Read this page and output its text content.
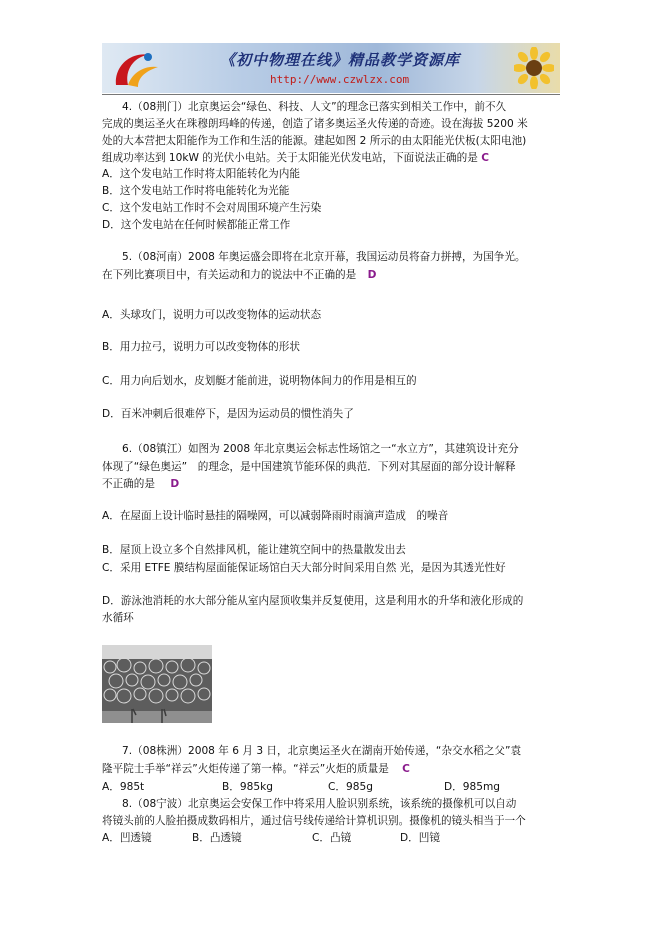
《初中物理在线》精品教学资源库
http://www.czwlzx.com
4.（08荆门）北京奥运会“绿色、科技、人文”的理念已落实到相关工作中，前不久
完成的奥运圣火在珠穆朗玛峰的传递，创造了诸多奥运圣火传递的奇迹。设在海拔 5200 米
处的大本营把太阳能作为工作和生活的能源。建起如图 2 所示的由太阳能光伏板(太阳电池)
组成功率达到 10kW 的光伏小电站。关于太阳能光伏发电站，下面说法正确的是 C
A．这个发电站工作时将太阳能转化为内能
B．这个发电站工作时将电能转化为光能
C．这个发电站工作时不会对周围环境产生污染
D．这个发电站在任何时候都能正常工作
5.（08河南）2008 年奥运盛会即将在北京开幕，我国运动员将奋力拼搏，为国争光。
在下列比赛项目中，有关运动和力的说法中不正确的是 D
A．头球攻门，说明力可以改变物体的运动状态
B．用力拉弓，说明力可以改变物体的形状
C．用力向后划水，皮划艇才能前进，说明物体间力的作用是相互的
D．百米冲刺后很难停下，是因为运动员的惯性消失了
6.（08镇江）如图为 2008 年北京奥运会标志性场馆之一“水立方”，其建筑设计充分
体现了“绿色奥运”　的理念，是中国建筑节能环保的典范．下列对其屋面的部分设计解释
不正确的是 D
A．在屋面上设计临时悬挂的隔噪网，可以减弱降雨时雨滴声造成　的噪音
B．屋顶上设立多个自然排风机，能让建筑空间中的热量散发出去
C．采用 ETFE 膜结构屋面能保证场馆白天大部分时间采用自然 光，是因为其透光性好
D．游泳池消耗的水大部分能从室内屋顶收集并反复使用，这是利用水的升华和液化形成的
水循环
7.（08株洲）2008 年 6 月 3 日，北京奥运圣火在湖南开始传递，“杂交水稻之父”袁
隆平院士手举“祥云”火炬传递了第一棒。“祥云”火炬的质量是 C
A．985t	B．985kg	C．985g	D．985mg
8.（08宁波）北京奥运会安保工作中将采用人脸识别系统，该系统的摄像机可以自动
将镜头前的人脸拍摄成数码相片，通过信号线传递给计算机识别。摄像机的镜头相当于一个
A．凹透镜	B．凸透镜	C．凸镜	D．凹镜
